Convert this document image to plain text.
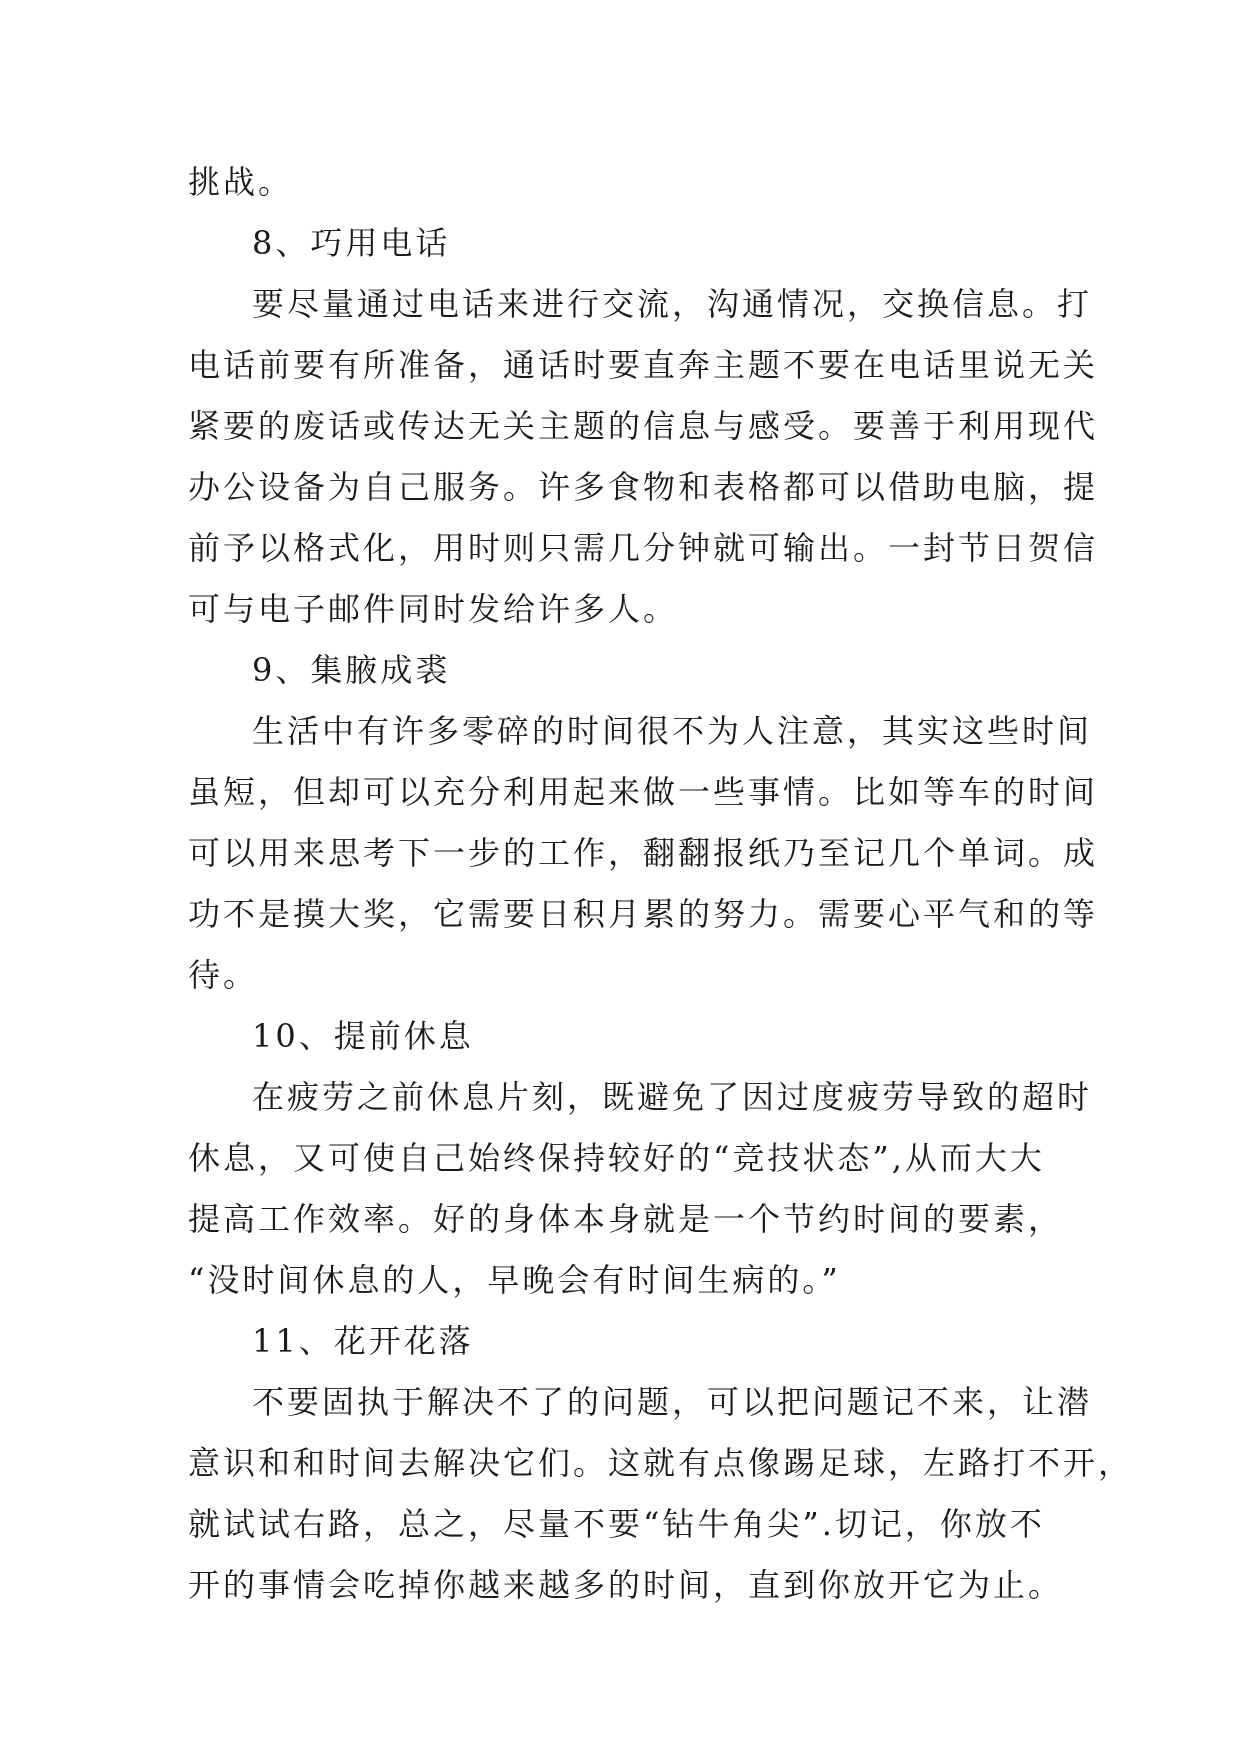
挑战。

8、巧用电话

要尽量通过电话来进行交流，沟通情况，交换信息。打

电话前要有所准备，通话时要直奔主题不要在电话里说无关

紧要的废话或传达无关主题的信息与感受。要善于利用现代

办公设备为自己服务。许多食物和表格都可以借助电脑，提

前予以格式化，用时则只需几分钟就可输出。一封节日贺信

可与电子邮件同时发给许多人。

9、集腋成裘

生活中有许多零碎的时间很不为人注意，其实这些时间

虽短，但却可以充分利用起来做一些事情。比如等车的时间

可以用来思考下一步的工作，翻翻报纸乃至记几个单词。成

功不是摸大奖，它需要日积月累的努力。需要心平气和的等

待。

10、提前休息

在疲劳之前休息片刻，既避免了因过度疲劳导致的超时

休息，又可使自己始终保持较好的“竞技状态”,从而大大

提高工作效率。好的身体本身就是一个节约时间的要素，

“没时间休息的人，早晚会有时间生病的。”

11、花开花落

不要固执于解决不了的问题，可以把问题记不来，让潜

意识和和时间去解决它们。这就有点像踢足球，左路打不开，

就试试右路，总之，尽量不要“钻牛角尖”.切记，你放不

开的事情会吃掉你越来越多的时间，直到你放开它为止。
